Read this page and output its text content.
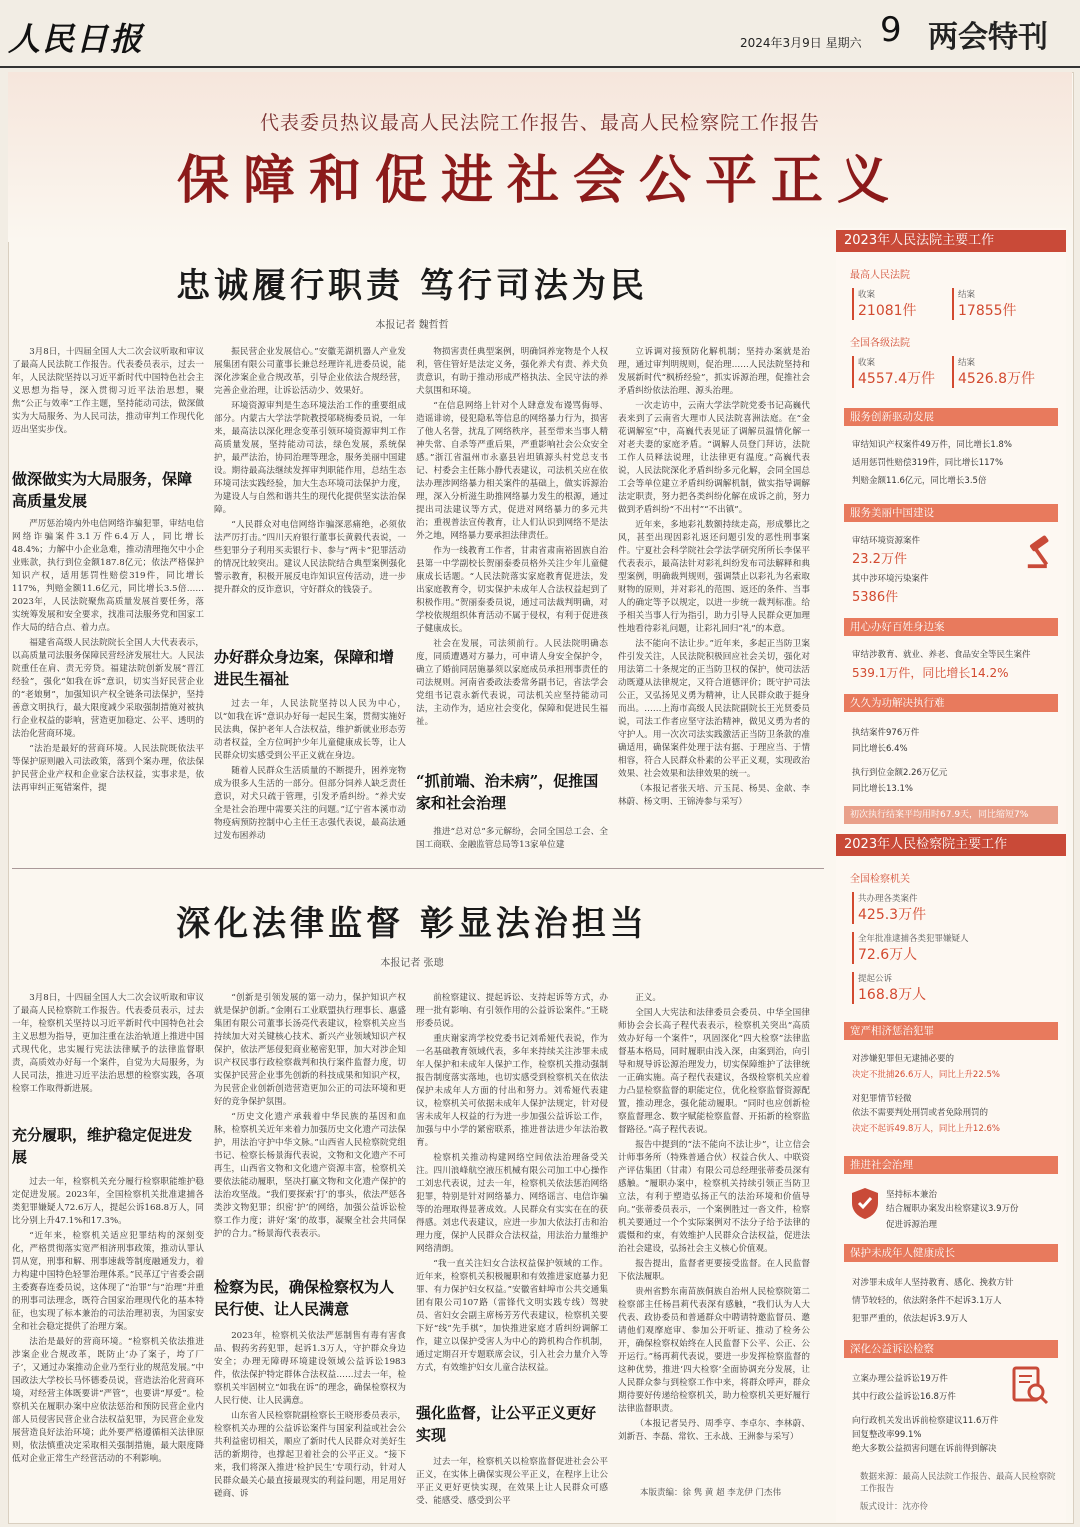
人民日报	2024年3月9日 星期六 9 两会特刊
代表委员热议最高人民法院工作报告、最高人民检察院工作报告
保障和促进社会公平正义
忠诚履行职责 笃行司法为民
本报记者 魏哲哲

3月8日，十四届全国人大二次会议听取和审议了最高人民法院工作报告。代表委员表示，过去一年，人民法院坚持以习近平新时代中国特色社会主义思想为指导，深入贯彻习近平法治思想，聚焦“公正与效率”工作主题，坚持能动司法，做深做实为大局服务、为人民司法，推动审判工作现代化迈出坚实步伐。

做深做实为大局服务，保障高质量发展

严厉惩治境内外电信网络诈骗犯罪，审结电信网络诈骗案件3.1万件6.4万人，同比增长48.4%；力解中小企业急难，推动清理拖欠中小企业账款，执行到位金额187.8亿元；依法严格保护知识产权，适用惩罚性赔偿319件，同比增长117%，判赔金额11.6亿元，同比增长3.5倍……2023年，人民法院聚焦高质量发展首要任务，落实统筹发展和安全要求，找准司法服务党和国家工作大局的结合点、着力点。

福建省高级人民法院院长全国人大代表表示，以高质量司法服务保障民营经济发展壮大。人民法院重任在肩、责无旁贷。福建法院创新发展“晋江经验”，强化“如我在诉”意识，切实当好民营企业的“老娘舅”，加强知识产权全链条司法保护，坚持善意文明执行，最大限度减少采取强制措施对被执行企业权益的影响，营造更加稳定、公平、透明的法治化营商环境。

“法治是最好的营商环境。人民法院既依法平等保护原则融入司法政策，落到个案办理，依法保护民营企业产权和企业家合法权益，实事求是，依法再审纠正冤错案件，提

振民营企业发展信心。”安徽芜湖机器人产业发展集团有限公司董事长兼总经理许礼进委员说，能深化涉案企业合规改革，引导企业依法合规经营，完善企业治理，让诉讼活动少、效果好。

环境资源审判是生态环境法治工作的重要组成部分。内蒙古大学法学院教授邬晓梅委员说，一年来，最高法以深化理念变革引领环境资源审判工作高质量发展，坚持能动司法，绿色发展，系统保护，最严法治，协同治理等理念，服务美丽中国建设。期待最高法继续发挥审判职能作用，总结生态环境司法实践经验，加大生态环境司法保护力度，为建设人与自然和谐共生的现代化提供坚实法治保障。

“人民群众对电信网络诈骗深恶痛绝，必须依法严厉打击。”四川天府银行董事长黄毅代表说，一些犯罪分子利用买卖银行卡、参与“两卡”犯罪活动的情况比较突出。建议人民法院结合典型案例强化警示教育，积极开展反电诈知识宣传活动，进一步提升群众的反诈意识，守好群众的钱袋子。

办好群众身边案，保障和增进民生福祉

过去一年，人民法院坚持以人民为中心，以“如我在诉”意识办好每一起民生案，贯彻实施好民法典，保护老年人合法权益，维护新就业形态劳动者权益，全方位呵护少年儿童健康成长等，让人民群众切实感受到公平正义就在身边。

随着人民群众生活质量的不断提升，困养宠物成为很多人生活的一部分。但部分饲养人缺乏责任意识，对犬只疏于管理，引发矛盾纠纷。“养犬安全是社会治理中需要关注的问题。”辽宁省本溪市动物疫病预防控制中心主任王志强代表说，最高法通过发布困养动

物损害责任典型案例，明确饲养宠物是个人权利，管住管好是法定义务，强化养犬有责、养犬负责意识，有助于推动形成严格执法、全民守法的养犬氛围和环境。

“在信息网络上针对个人肆意发布谩骂侮辱、造谣诽谤，侵犯隐私等信息的网络暴力行为，损害了他人名誉，扰乱了网络秩序，甚至带来当事人精神失常、自杀等严重后果，严重影响社会公众安全感。”浙江省温州市永嘉县岩坦镇源头村党总支书记、村委会主任陈小静代表建议，司法机关应在依法办理涉网络暴力相关案件的基础上，做实诉源治理，深入分析滋生助推网络暴力发生的根源，通过提出司法建议等方式，促进对网络暴力的多元共治；重视普法宣传教育，让人们认识到网络不是法外之地，网络暴力要承担法律责任。

作为一线教育工作者，甘肃省肃南裕固族自治县第一中学副校长贺丽泰委员格外关注少年儿童健康成长话题。“人民法院落实家庭教育促进法，发出家庭教育令，切实保护未成年人合法权益起到了积极作用。”贺丽泰委员说，通过司法裁判明确，对学校依规组织体育活动不属于侵权，有利于促进孩子健康成长。

社会在发展，司法须前行。人民法院明确态度，同质遭遇对方暴力，可申请人身安全保护令，确立了婚前同居施暴须以家庭成员承担刑事责任的司法规则。河南省委政法委常务副书记，省法学会党组书记袁永新代表说，司法机关应坚持能动司法，主动作为，适应社会变化，保障和促进民生福祉。

“抓前端、治未病”，促推国家和社会治理

推进“总对总”多元解纷，会同全国总工会、全国工商联、金融监管总局等13家单位建

立诉调对接预防化解机制；坚持办案就是治理，通过审判明规则，促治理……人民法院坚持和发展新时代“枫桥经验”，抓实诉源治理，促推社会矛盾纠纷依法治理、源头治理。

一次走访中，云南大学法学院党委书记高巍代表来到了云南省大理市人民法院喜洲法庭。在“金花调解室”中，高巍代表见证了调解员温情化解一对老夫妻的家庭矛盾。“调解人员登门拜访，法院工作人员释法说理，让法律更有温度。”高巍代表说，人民法院深化矛盾纠纷多元化解，会同全国总工会等单位建立矛盾纠纷调解机制，做实指导调解法定职责，努力把各类纠纷化解在成诉之前，努力做到矛盾纠纷“不出村”“不出镇”。

近年来，多地彩礼数额持续走高，形成攀比之风，甚至出现因彩礼返还问题引发的恶性刑事案件。宁夏社会科学院社会学法学研究所所长李保平代表表示，最高法针对彩礼纠纷发布司法解释和典型案例，明确裁判规则，强调禁止以彩礼为名索取财物的原则，并对彩礼的范围、返还的条件、当事人的确定等予以规定，以进一步统一裁判标准。给予相关当事人行为指引，助力引导人民群众更加理性地看待彩礼问题，让彩礼回归“礼”的本意。

法不能向不法让步。”近年来，多起正当防卫案件引发关注，人民法院积极回应社会关切，强化对用法第二十条规定的正当防卫权的保护，使司法活动既遵从法律规定，又符合道德评价；既守护司法公正，又弘扬见义勇为精神，让人民群众敢于挺身而出。……上海市高级人民法院副院长王光贤委员说，司法工作者应坚守法治精神，做见义勇为者的守护人。用一次次司法实践激活正当防卫条款的准确适用，确保案件处理于法有据、于理应当、于情相容，符合人民群众朴素的公平正义观，实现政治效果、社会效果和法律效果的统一。

（本报记者张天培、亓玉昆、杨昊、金歆、李林蔚、杨文明、王锦涛参与采写）

深化法律监督 彰显法治担当
本报记者 张璁

3月8日，十四届全国人大二次会议听取和审议了最高人民检察院工作报告。代表委员表示，过去一年，检察机关坚持以习近平新时代中国特色社会主义思想为指导，更加注重在法治轨道上推进中国式现代化，忠实履行宪法法律赋予的法律监督职责，高质效办好每一个案件，自觉为大局服务，为人民司法，推进习近平法治思想的检察实践，各项检察工作取得新进展。

充分履职，维护稳定促进发展

过去一年，检察机关充分履行检察职能维护稳定促进发展。2023年，全国检察机关批准逮捕各类犯罪嫌疑人72.6万人，提起公诉168.8万人，同比分别上升47.1%和17.3%。

“近年来，检察机关适应犯罪结构的深刻变化，严格贯彻落实宽严相济刑事政策，推动认罪认罚从宽，刑事和解、刑事速裁等制度融通发力，着力构建中国特色轻罪治理体系。”民革辽宁省委会副主委赛春连委员说，这体现了“治罪”与“治理”并重的刑事司法理念，既符合国家治理现代化的基本特征，也实现了标本兼治的司法治理初衷，为国家安全和社会稳定提供了治理方案。

法治是最好的营商环境。“检察机关依法推进涉案企业合规改革，既防止‘办了案子，垮了厂子’，又通过办案推动企业乃至行业的规范发展。”中国政法大学校长马怀德委员说，营造法治化营商环境，对经营主体既要讲“严管”，也要讲“厚爱”。检察机关在履职办案中应依法惩治和预防民营企业内部人员侵害民营企业合法权益犯罪，为民营企业发展营造良好法治环境；此外要严格遵循相关法律原则，依法慎重决定采取相关强制措施，最大限度降低对企业正常生产经营活动的不利影响。

“创新是引领发展的第一动力，保护知识产权就是保护创新。”金刚石工业联盟执行理事长、惠盛集团有限公司董事长汤亮代表建议，检察机关应当持续加大对关键核心技术、新兴产业领域知识产权保护，依法严惩侵犯商业秘密犯罪，加大对涉企知识产权民事行政检察裁判和执行案件监督力度，切实保护民营企业事先创新的科技成果和知识产权，为民营企业创新创造营造更加公正的司法环境和更好的竞争保护氛围。

“历史文化遗产承载着中华民族的基因和血脉，检察机关近年来着力加强历史文化遗产司法保护，用法治守护中华文脉。”山西省人民检察院党组书记、检察长杨景海代表说，文物和文化遗产不可再生，山西省文物和文化遗产资源丰富，检察机关要依法能动履职，坚决打赢文物和文化遗产保护的法治攻坚战。“我们要探索‘打’的事头，依法严惩各类涉文物犯罪；织密‘护’的网络，加强公益诉讼检察工作力度；讲好‘案’的故事，凝聚全社会共同保护的合力。”杨景海代表表示。

检察为民，确保检察权为人民行使、让人民满意

2023年，检察机关依法严惩制售有毒有害食品、假药劣药犯罪，起诉1.3万人，守护群众身边安全；办理无障碍环境建设领域公益诉讼1983件，依法保护特定群体合法权益……过去一年，检察机关牢固树立“如我在诉”的理念，确保检察权为人民行使、让人民满意。

山东省人民检察院副检察长王晓形委员表示，检察机关办理的公益诉讼案件与国家利益或社会公共利益密切相关，顺应了新时代人民群众对美好生活的新期待，也撑起卫着社会的公平正义。“接下来，我们将深入推进‘检护民生’专项行动，针对人民群众最关心最直接最现实的利益问题，用足用好磋商、诉

前检察建议、提起诉讼、支持起诉等方式，办理一批有影响、有引领作用的公益诉讼案件。”王晓形委员说。

重庆谢家湾学校党委书记刘希娅代表说，作为一名基础教育领域代表，多年来持续关注涉罪未成年人保护和未成年人保护工作，检察机关推动强制报告制度落实落地，也切实感受到检察机关在依法保护未成年人方面的付出和努力。刘希娅代表建议，检察机关可依据未成年人保护法规定，针对侵害未成年人权益的行为进一步加强公益诉讼工作，加强与中小学的紧密联系，推进普法进少年法治教育。

检察机关推动构建网络空间依法治理备受关注。四川浪峰航空液压机械有限公司加工中心操作工刘忠代表说，过去一年，检察机关依法惩治网络犯罪，特别是针对网络暴力、网络谣言、电信诈骗等的治理取得显著成效。人民群众有实实在在的获得感。刘忠代表建议，应进一步加大依法打击和治理力度，保护人民群众合法权益，用法治力量维护网络清朗。

“我一直关注妇女合法权益保护领域的工作。近年来，检察机关积极履职和有效推进家庭暴力犯罪、有力保护妇女权益。”安徽省蚌埠市公共交通集团有限公司107路（雷锋代文明实践专线）驾驶员、省妇女会副主席杨芳芳代表建议，检察机关要下好“线”先手棋”，加快推进家庭才盾纠纷调解工作，建立以保护受害人为中心的跨机构合作机制，通过定期召开专题联席会议，引入社会力量介入等方式，有效维护妇女儿童合法权益。

强化监督，让公平正义更好实现

过去一年，检察机关以检察监督促进社会公平正义，在实体上确保实现公平正义，在程序上让公平正义更好更快实现，在效果上让人民群众可感受、能感受、感受到公平

正义。

全国人大宪法和法律委员会委员、中华全国律师协会会长高子程代表表示，检察机关突出“高质效办好每一个案件”，巩固深化“四大检察”法律监督基本格局，同时履职由浅入深，由案到治，向引导和规导诉讼源治理发力，切实保障维护了法律统一正确实施。高子程代表建议，各级检察机关应着力凸显检察监督的职能定位，优化检察监督资源配置，推动理念，强化能动履职。“同时也应创新检察监督理念、数字赋能检察监督、开拓新的检察监督路径。”高子程代表说。

报告中提到的“法不能向不法让步”，让立信会计师事务所（特殊普通合伙）权益合伙人、中联资产评估集团（甘肃）有限公司总经理张蒂委员深有感触。“履职办案中，检察机关持续引领正当防卫立法，有利于塑造弘扬正气的法治环境和价值导向。”张蒂委员表示，一个案例胜过一沓文件，检察机关要通过一个个实际案例对不法分子给予法律的震慑和约束，有效维护人民群众合法权益，促进法治社会建设，弘扬社会主义核心价值观。

报告提出，监督者更要接受监督。在人民监督下依法履职。

贵州省黔东南苗族侗族自治州人民检察院第二检察部主任杨昌莉代表深有感触，“我们认为人大代表、政协委员和普通群众中聘请特邀监督员、邀请他们观摩庭审、参加公开听证、推动了检务公开，确保检察权始终在人民监督下公平、公正、公开运行。”杨再莉代表说，要进一步发挥检察监督的这种优势，推进‘四大检察’全面协调充分发展，让人民群众参与到检察工作中来，将群众呼声，群众期待要好传递给检察机关，助力检察机关更好履行法律监督职责。

（本报记者吴丹、周季亨、李卓尔、李林蔚、刘新吾、李磊、常钦、王永战、王洲参与采写）

本版责编：徐 隽 黄 超 李龙伊 门杰伟
2023年人民法院主要工作
最高人民法院
收案
21081件
结案
17855件
全国各级法院
收案
4557.4万件
结案
4526.8万件
服务创新驱动发展
审结知识产权案件49万件，同比增长1.8%
适用惩罚性赔偿319件，同比增长117%
判赔金额11.6亿元，同比增长3.5倍
服务美丽中国建设
审结环境资源案件
23.2万件
其中涉环境污染案件
5386件
用心办好百姓身边案
审结涉教育、就业、养老、食品安全等民生案件
539.1万件，同比增长14.2%
久久为功解决执行难
执结案件976万件
同比增长6.4%
执行到位金额2.26万亿元
同比增长13.1%
初次执行结案平均用时67.9天，同比缩短7%
2023年人民检察院主要工作
全国检察机关
共办理各类案件
425.3万件
全年批准逮捕各类犯罪嫌疑人
72.6万人
提起公诉
168.8万人
宽严相济惩治犯罪
对涉嫌犯罪但无逮捕必要的
决定不批捕26.6万人，同比上升22.5%
对犯罪情节轻微
依法不需要判处刑罚或者免除刑罚的
决定不起诉49.8万人，同比上升12.6%
推进社会治理
坚持标本兼治
结合履职办案发出检察建议3.9万份
促进诉源治理
保护未成年人健康成长
对涉罪未成年人坚持教育、感化、挽救方针
情节较轻的，依法附条件不起诉3.1万人
犯罪严重的，依法起诉3.9万人
深化公益诉讼检察
立案办理公益诉讼19万件
其中行政公益诉讼16.8万件
向行政机关发出诉前检察建议11.6万件
回复整改率99.1%
绝大多数公益损害问题在诉前得到解决
数据来源：最高人民法院工作报告、最高人民检察院工作报告
版式设计：沈亦伶
